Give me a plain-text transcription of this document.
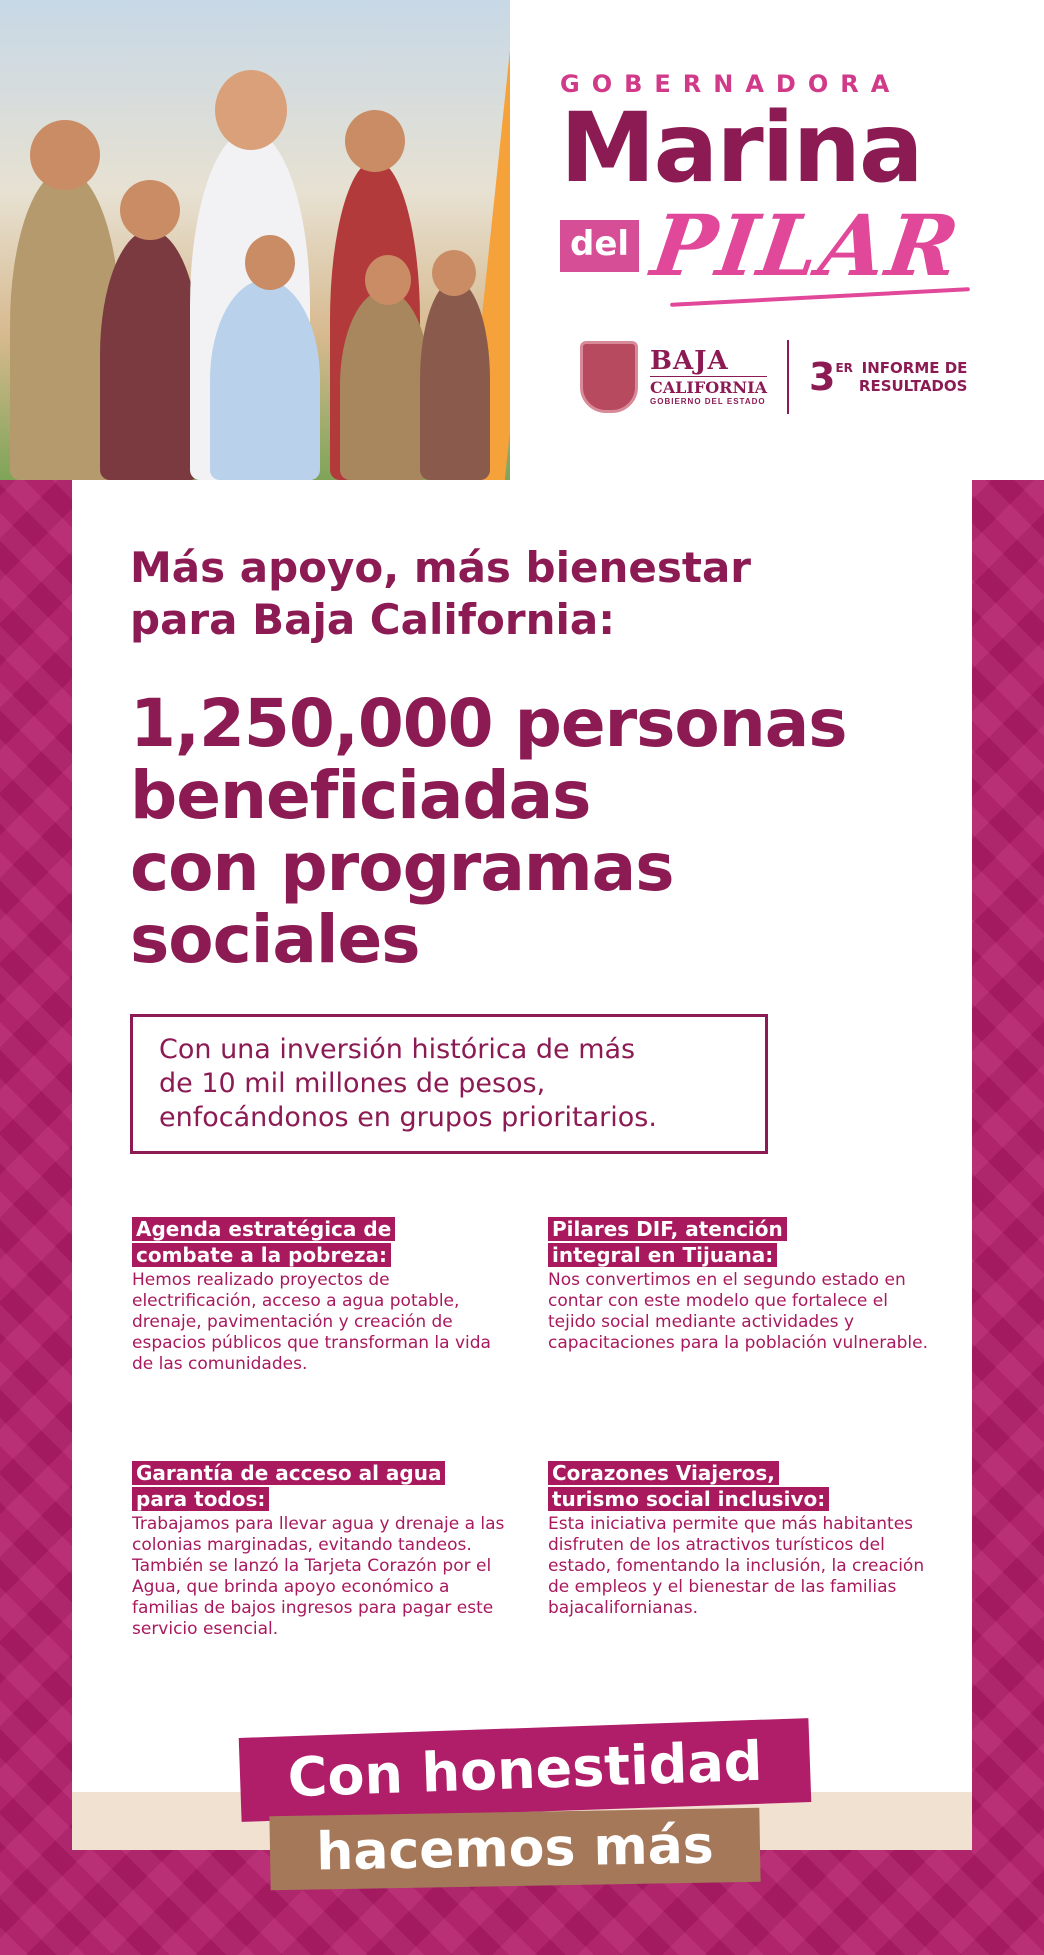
GOBERNADORA
Marina
del PILAR
BAJA
CALIFORNIA
GOBIERNO DEL ESTADO
3 ER INFORME DE
RESULTADOS
Más apoyo, más bienestar
para Baja California:
1,250,000 personas
beneficiadas
con programas
sociales
Con una inversión histórica de más
de 10 mil millones de pesos,
enfocándonos en grupos prioritarios.
Agenda estratégica de
combate a la pobreza:
Hemos realizado proyectos de electrificación, acceso a agua potable, drenaje, pavimentación y creación de espacios públicos que transforman la vida de las comunidades.
Pilares DIF, atención
integral en Tijuana:
Nos convertimos en el segundo estado en contar con este modelo que fortalece el tejido social mediante actividades y capacitaciones para la población vulnerable.
Garantía de acceso al agua
para todos:
Trabajamos para llevar agua y drenaje a las colonias marginadas, evitando tandeos. También se lanzó la Tarjeta Corazón por el Agua, que brinda apoyo económico a familias de bajos ingresos para pagar este servicio esencial.
Corazones Viajeros,
turismo social inclusivo:
Esta iniciativa permite que más habitantes disfruten de los atractivos turísticos del estado, fomentando la inclusión, la creación de empleos y el bienestar de las familias bajacalifornianas.
Con honestidad
hacemos más
